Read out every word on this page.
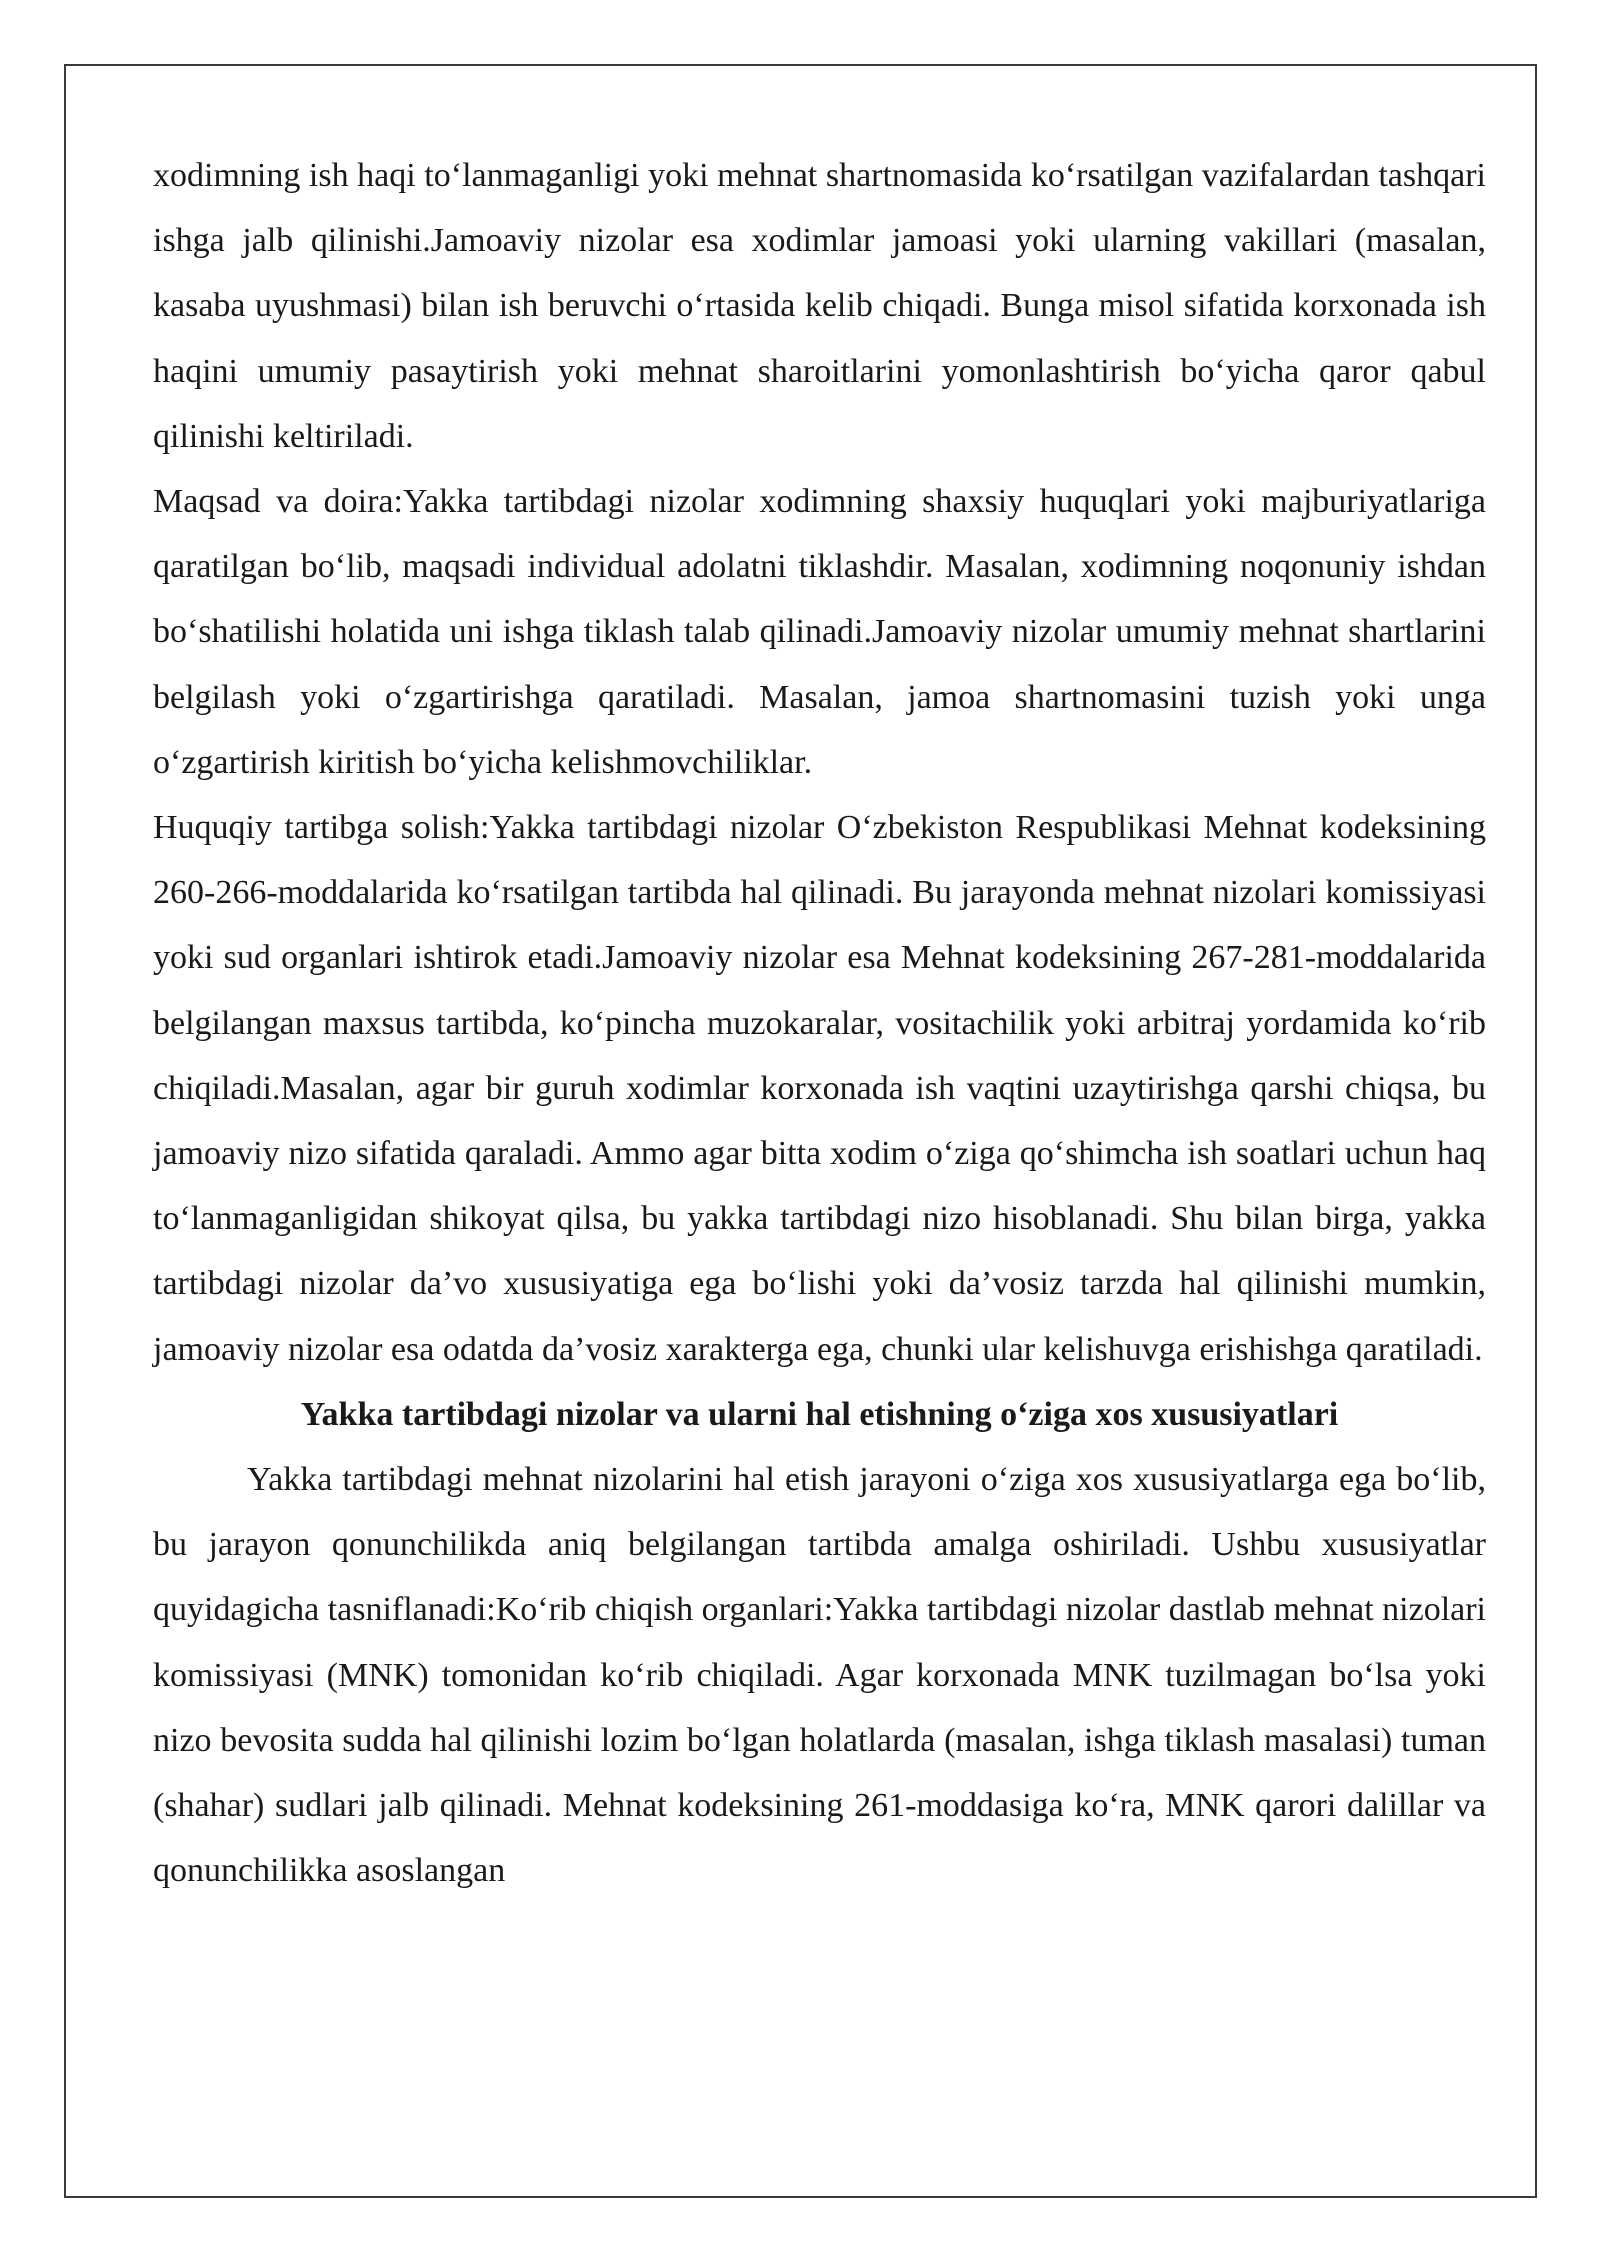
xodimning ish haqi to‘lanmaganligi yoki mehnat shartnomasida ko‘rsatilgan vazifalardan tashqari ishga jalb qilinishi.Jamoaviy nizolar esa xodimlar jamoasi yoki ularning vakillari (masalan, kasaba uyushmasi) bilan ish beruvchi o‘rtasida kelib chiqadi. Bunga misol sifatida korxonada ish haqini umumiy pasaytirish yoki mehnat sharoitlarini yomonlashtirish bo‘yicha qaror qabul qilinishi keltiriladi.

Maqsad va doira:Yakka tartibdagi nizolar xodimning shaxsiy huquqlari yoki majburiyatlariga qaratilgan bo‘lib, maqsadi individual adolatni tiklashdir. Masalan, xodimning noqonuniy ishdan bo‘shatilishi holatida uni ishga tiklash talab qilinadi.Jamoaviy nizolar umumiy mehnat shartlarini belgilash yoki o‘zgartirishga qaratiladi. Masalan, jamoa shartnomasini tuzish yoki unga o‘zgartirish kiritish bo‘yicha kelishmovchiliklar.

Huquqiy tartibga solish:Yakka tartibdagi nizolar O‘zbekiston Respublikasi Mehnat kodeksining 260-266-moddalarida ko‘rsatilgan tartibda hal qilinadi. Bu jarayonda mehnat nizolari komissiyasi yoki sud organlari ishtirok etadi.Jamoaviy nizolar esa Mehnat kodeksining 267-281-moddalarida belgilangan maxsus tartibda, ko‘pincha muzokaralar, vositachilik yoki arbitraj yordamida ko‘rib chiqiladi.Masalan, agar bir guruh xodimlar korxonada ish vaqtini uzaytirishga qarshi chiqsa, bu jamoaviy nizo sifatida qaraladi. Ammo agar bitta xodim o‘ziga qo‘shimcha ish soatlari uchun haq to‘lanmaganligidan shikoyat qilsa, bu yakka tartibdagi nizo hisoblanadi. Shu bilan birga, yakka tartibdagi nizolar da’vo xususiyatiga ega bo‘lishi yoki da’vosiz tarzda hal qilinishi mumkin, jamoaviy nizolar esa odatda da’vosiz xarakterga ega, chunki ular kelishuvga erishishga qaratiladi.

Yakka tartibdagi nizolar va ularni hal etishning o‘ziga xos xususiyatlari

Yakka tartibdagi mehnat nizolarini hal etish jarayoni o‘ziga xos xususiyatlarga ega bo‘lib, bu jarayon qonunchilikda aniq belgilangan tartibda amalga oshiriladi. Ushbu xususiyatlar quyidagicha tasniflanadi:Ko‘rib chiqish organlari:Yakka tartibdagi nizolar dastlab mehnat nizolari komissiyasi (MNK) tomonidan ko‘rib chiqiladi. Agar korxonada MNK tuzilmagan bo‘lsa yoki nizo bevosita sudda hal qilinishi lozim bo‘lgan holatlarda (masalan, ishga tiklash masalasi) tuman (shahar) sudlari jalb qilinadi. Mehnat kodeksining 261-moddasiga ko‘ra, MNK qarori dalillar va qonunchilikka asoslangan
